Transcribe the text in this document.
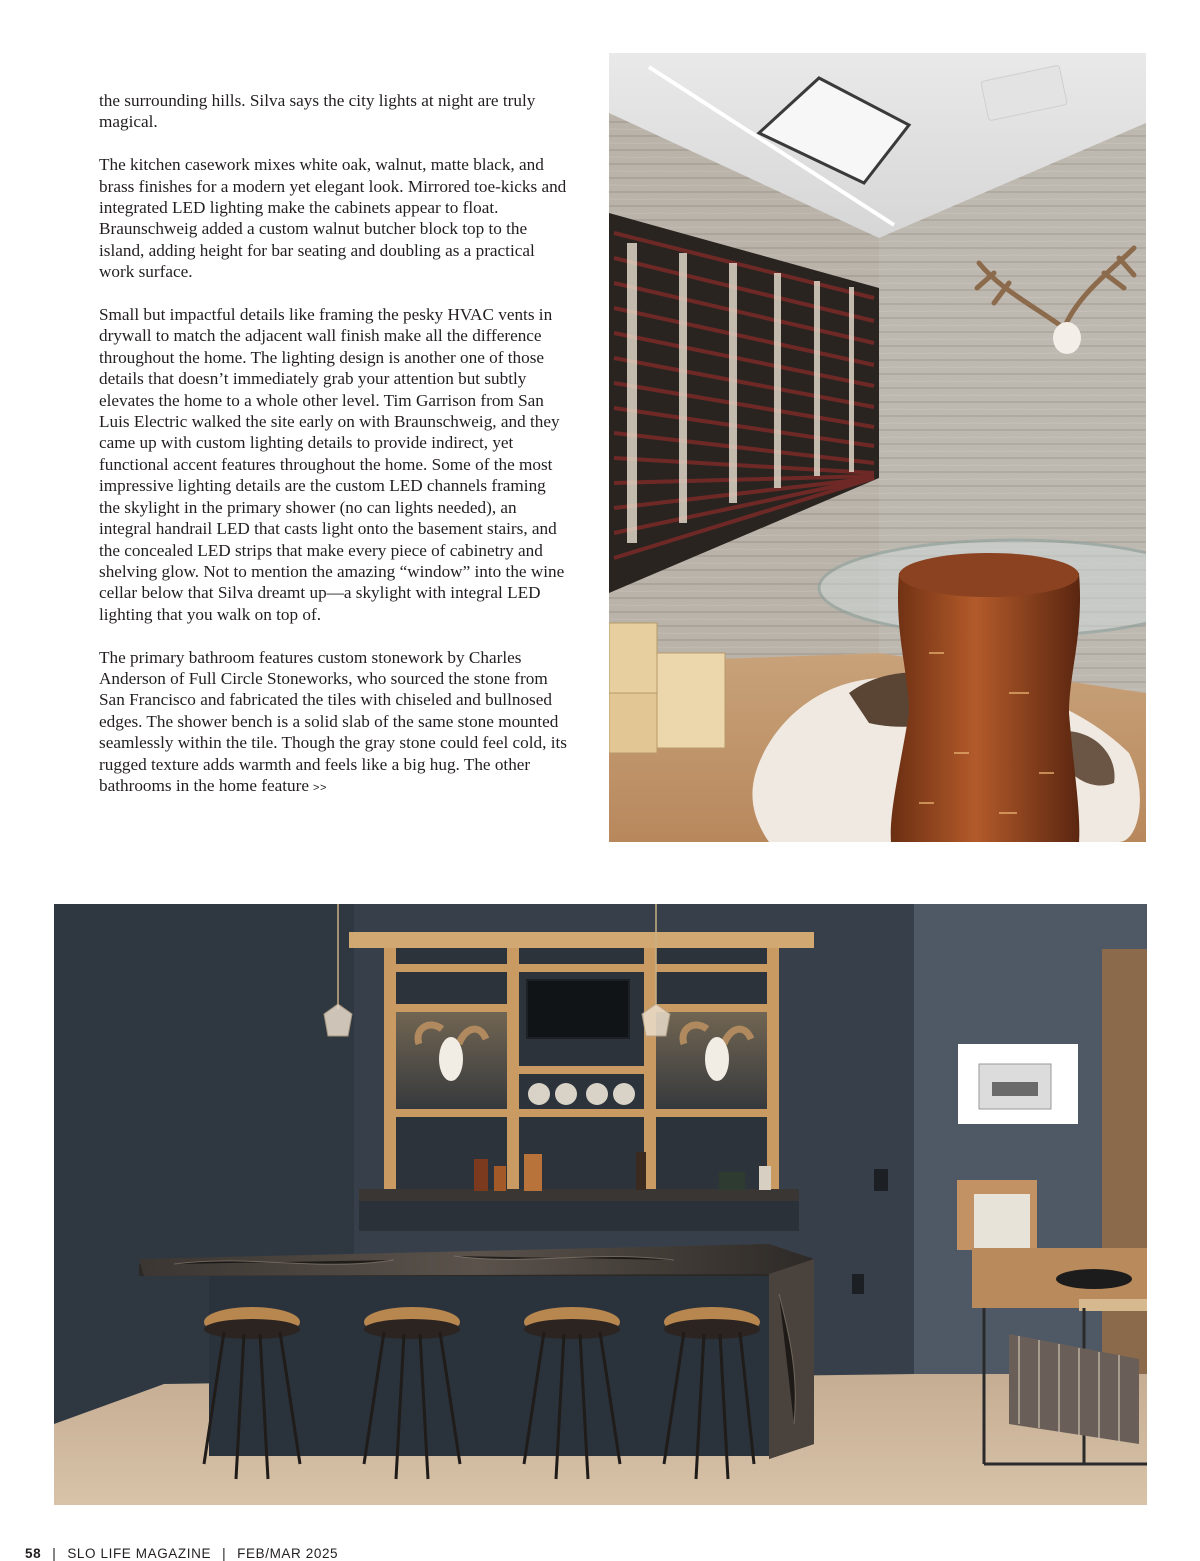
the surrounding hills. Silva says the city lights at night are truly magical.

The kitchen casework mixes white oak, walnut, matte black, and brass finishes for a modern yet elegant look. Mirrored toe-kicks and integrated LED lighting make the cabinets appear to float. Braunschweig added a custom walnut butcher block top to the island, adding height for bar seating and doubling as a practical work surface.

Small but impactful details like framing the pesky HVAC vents in drywall to match the adjacent wall finish make all the difference throughout the home. The lighting design is another one of those details that doesn’t immediately grab your attention but subtly elevates the home to a whole other level. Tim Garrison from San Luis Electric walked the site early on with Braunschweig, and they came up with custom lighting details to provide indirect, yet functional accent features throughout the home. Some of the most impressive lighting details are the custom LED channels framing the skylight in the primary shower (no can lights needed), an integral handrail LED that casts light onto the basement stairs, and the concealed LED strips that make every piece of cabinetry and shelving glow. Not to mention the amazing “window” into the wine cellar below that Silva dreamt up—a skylight with integral LED lighting that you walk on top of.

The primary bathroom features custom stonework by Charles Anderson of Full Circle Stoneworks, who sourced the stone from San Francisco and fabricated the tiles with chiseled and bullnosed edges. The shower bench is a solid slab of the same stone mounted seamlessly within the tile. Though the gray stone could feel cold, its rugged texture adds warmth and feels like a big hug. The other bathrooms in the home feature >>

58 | SLO LIFE MAGAZINE | FEB/MAR 2025
